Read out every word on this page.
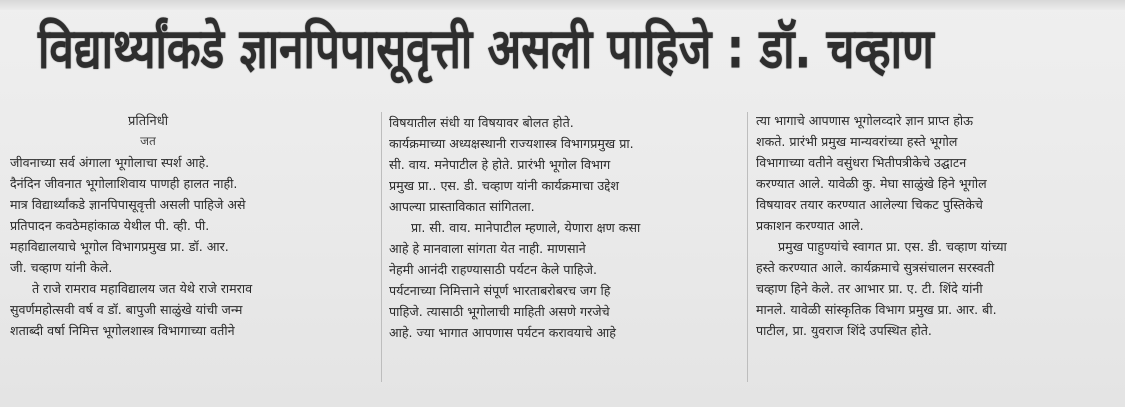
विद्यार्थ्यांकडे ज्ञानपिपासूवृत्ती असली पाहिजे : डॉ. चव्हाण
प्रतिनिधी
जत
जीवनाच्या सर्व अंगाला भूगोलाचा स्पर्श आहे.
दैनंदिन जीवनात भूगोलाशिवाय पाणही हालत नाही.
मात्र विद्यार्थ्यांकडे ज्ञानपिपासूवृत्ती असली पाहिजे असे
प्रतिपादन कवठेमहांकाळ येथील पी. व्ही. पी.
महाविद्यालयाचे भूगोल विभागप्रमुख प्रा. डॉ. आर.
जी. चव्हाण यांनी केले.
ते राजे रामराव महाविद्यालय जत येथे राजे रामराव
सुवर्णमहोत्सवी वर्ष व डॉ. बापुजी साळुंखे यांची जन्म
शताब्दी वर्षा निमित्त भूगोलशास्त्र विभागाच्या वतीने
विषयातील संधी या विषयावर बोलत होते.
कार्यक्रमाच्या अध्यक्षस्थानी राज्यशास्त्र विभागप्रमुख प्रा.
सी. वाय. मनेपाटील हे होते. प्रारंभी भूगोल विभाग
प्रमुख प्रा.. एस. डी. चव्हाण यांनी कार्यक्रमाचा उद्देश
आपल्या प्रास्ताविकात सांगितला.
प्रा. सी. वाय. मानेपाटील म्हणाले, येणारा क्षण कसा
आहे हे मानवाला सांगता येत नाही. माणसाने
नेहमी आनंदी राहण्यासाठी पर्यटन केले पाहिजे.
पर्यटनाच्या निमित्ताने संपूर्ण भारताबरोबरच जग हि
पाहिजे. त्यासाठी भूगोलाची माहिती असणे गरजेचे
आहे. ज्या भागात आपणास पर्यटन करावयाचे आहे
त्या भागाचे आपणास भूगोलव्दारे ज्ञान प्राप्त होऊ
शकते. प्रारंभी प्रमुख मान्यवरांच्या हस्ते भूगोल
विभागाच्या वतीने वसुंधरा भितीपत्रीकेचे उद्घाटन
करण्यात आले. यावेळी कु. मेघा साळुंखे हिने भूगोल
विषयावर तयार करण्यात आलेल्या चिकट पुस्तिकेचे
प्रकाशन करण्यात आले.
प्रमुख पाहुण्यांचे स्वागत प्रा. एस. डी. चव्हाण यांच्या
हस्ते करण्यात आले. कार्यक्रमाचे सुत्रसंचालन सरस्वती
चव्हाण हिने केले. तर आभार प्रा. ए. टी. शिंदे यांनी
मानले. यावेळी सांस्कृतिक विभाग प्रमुख प्रा. आर. बी.
पाटील, प्रा. युवराज शिंदे उपस्थित होते.
